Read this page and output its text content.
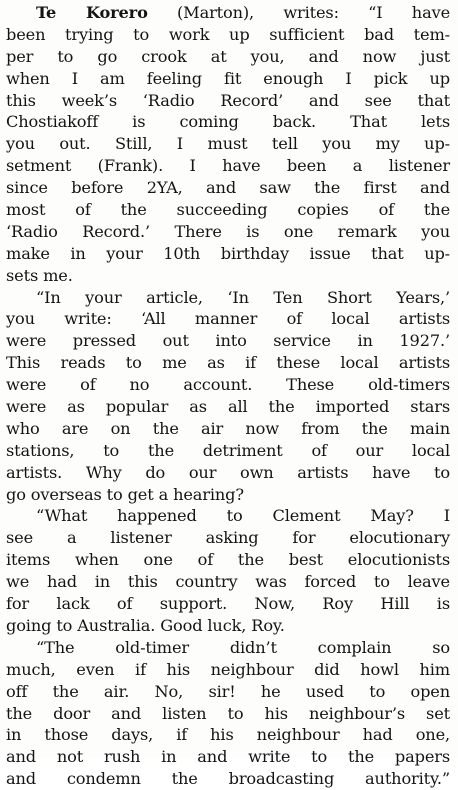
Te Korero (Marton), writes: “I have
been trying to work up sufficient bad tem-
per to go crook at you, and now just
when I am feeling fit enough I pick up
this week’s ‘Radio Record’ and see that
Chostiakoff is coming back. That lets
you out. Still, I must tell you my up-
setment (Frank). I have been a listener
since before 2YA, and saw the first and
most of the succeeding copies of the
‘Radio Record.’ There is one remark you
make in your 10th birthday issue that up-
sets me.
“In your article, ‘In Ten Short Years,’
you write: ‘All manner of local artists
were pressed out into service in 1927.’
This reads to me as if these local artists
were of no account. These old-timers
were as popular as all the imported stars
who are on the air now from the main
stations, to the detriment of our local
artists. Why do our own artists have to
go overseas to get a hearing?
“What happened to Clement May? I
see a listener asking for elocutionary
items when one of the best elocutionists
we had in this country was forced to leave
for lack of support. Now, Roy Hill is
going to Australia. Good luck, Roy.
“The old-timer didn’t complain so
much, even if his neighbour did howl him
off the air. No, sir! he used to open
the door and listen to his neighbour’s set
in those days, if his neighbour had one,
and not rush in and write to the papers
and condemn the broadcasting authority.”
